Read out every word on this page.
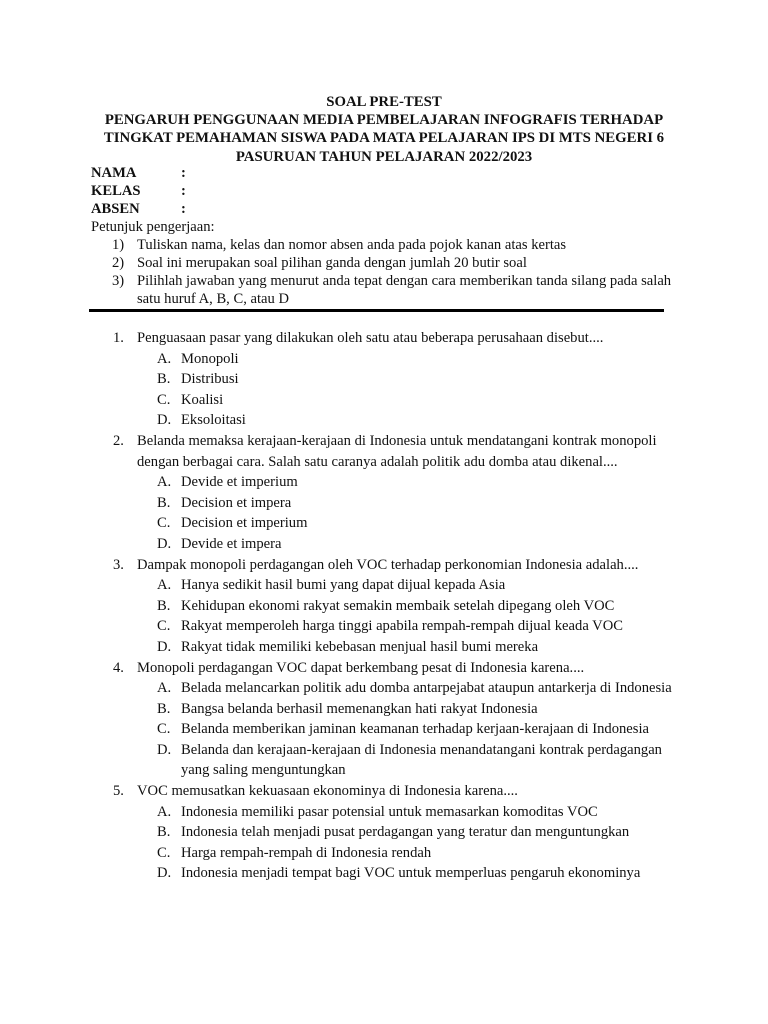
SOAL PRE-TEST
PENGARUH PENGGUNAAN MEDIA PEMBELAJARAN INFOGRAFIS TERHADAP
TINGKAT PEMAHAMAN SISWA PADA MATA PELAJARAN IPS DI MTS NEGERI 6
PASURUAN TAHUN PELAJARAN 2022/2023
NAMA	:
KELAS	:
ABSEN	:
Petunjuk pengerjaan:
1) Tuliskan nama, kelas dan nomor absen anda pada pojok kanan atas kertas
2) Soal ini merupakan soal pilihan ganda dengan jumlah 20 butir soal
3) Pilihlah jawaban yang menurut anda tepat dengan cara memberikan tanda silang pada salah satu huruf A, B, C, atau D
1. Penguasaan pasar yang dilakukan oleh satu atau beberapa perusahaan disebut....
A. Monopoli
B. Distribusi
C. Koalisi
D. Eksoloitasi
2. Belanda memaksa kerajaan-kerajaan di Indonesia untuk mendatangani kontrak monopoli dengan berbagai cara. Salah satu caranya adalah politik adu domba atau dikenal....
A. Devide et imperium
B. Decision et impera
C. Decision et imperium
D. Devide et impera
3. Dampak monopoli perdagangan oleh VOC terhadap perkonomian Indonesia adalah....
A. Hanya sedikit hasil bumi yang dapat dijual kepada Asia
B. Kehidupan ekonomi rakyat semakin membaik setelah dipegang oleh VOC
C. Rakyat memperoleh harga tinggi apabila rempah-rempah dijual keada VOC
D. Rakyat tidak memiliki kebebasan menjual hasil bumi mereka
4. Monopoli perdagangan VOC dapat berkembang pesat di Indonesia karena....
A. Belada melancarkan politik adu domba antarpejabat ataupun antarkerja di Indonesia
B. Bangsa belanda berhasil memenangkan hati rakyat Indonesia
C. Belanda memberikan jaminan keamanan terhadap kerjaan-kerajaan di Indonesia
D. Belanda dan kerajaan-kerajaan di Indonesia menandatangani kontrak perdagangan yang saling menguntungkan
5. VOC memusatkan kekuasaan ekonominya di Indonesia karena....
A. Indonesia memiliki pasar potensial untuk memasarkan komoditas VOC
B. Indonesia telah menjadi pusat perdagangan yang teratur dan menguntungkan
C. Harga rempah-rempah di Indonesia rendah
D. Indonesia menjadi tempat bagi VOC untuk memperluas pengaruh ekonominya
